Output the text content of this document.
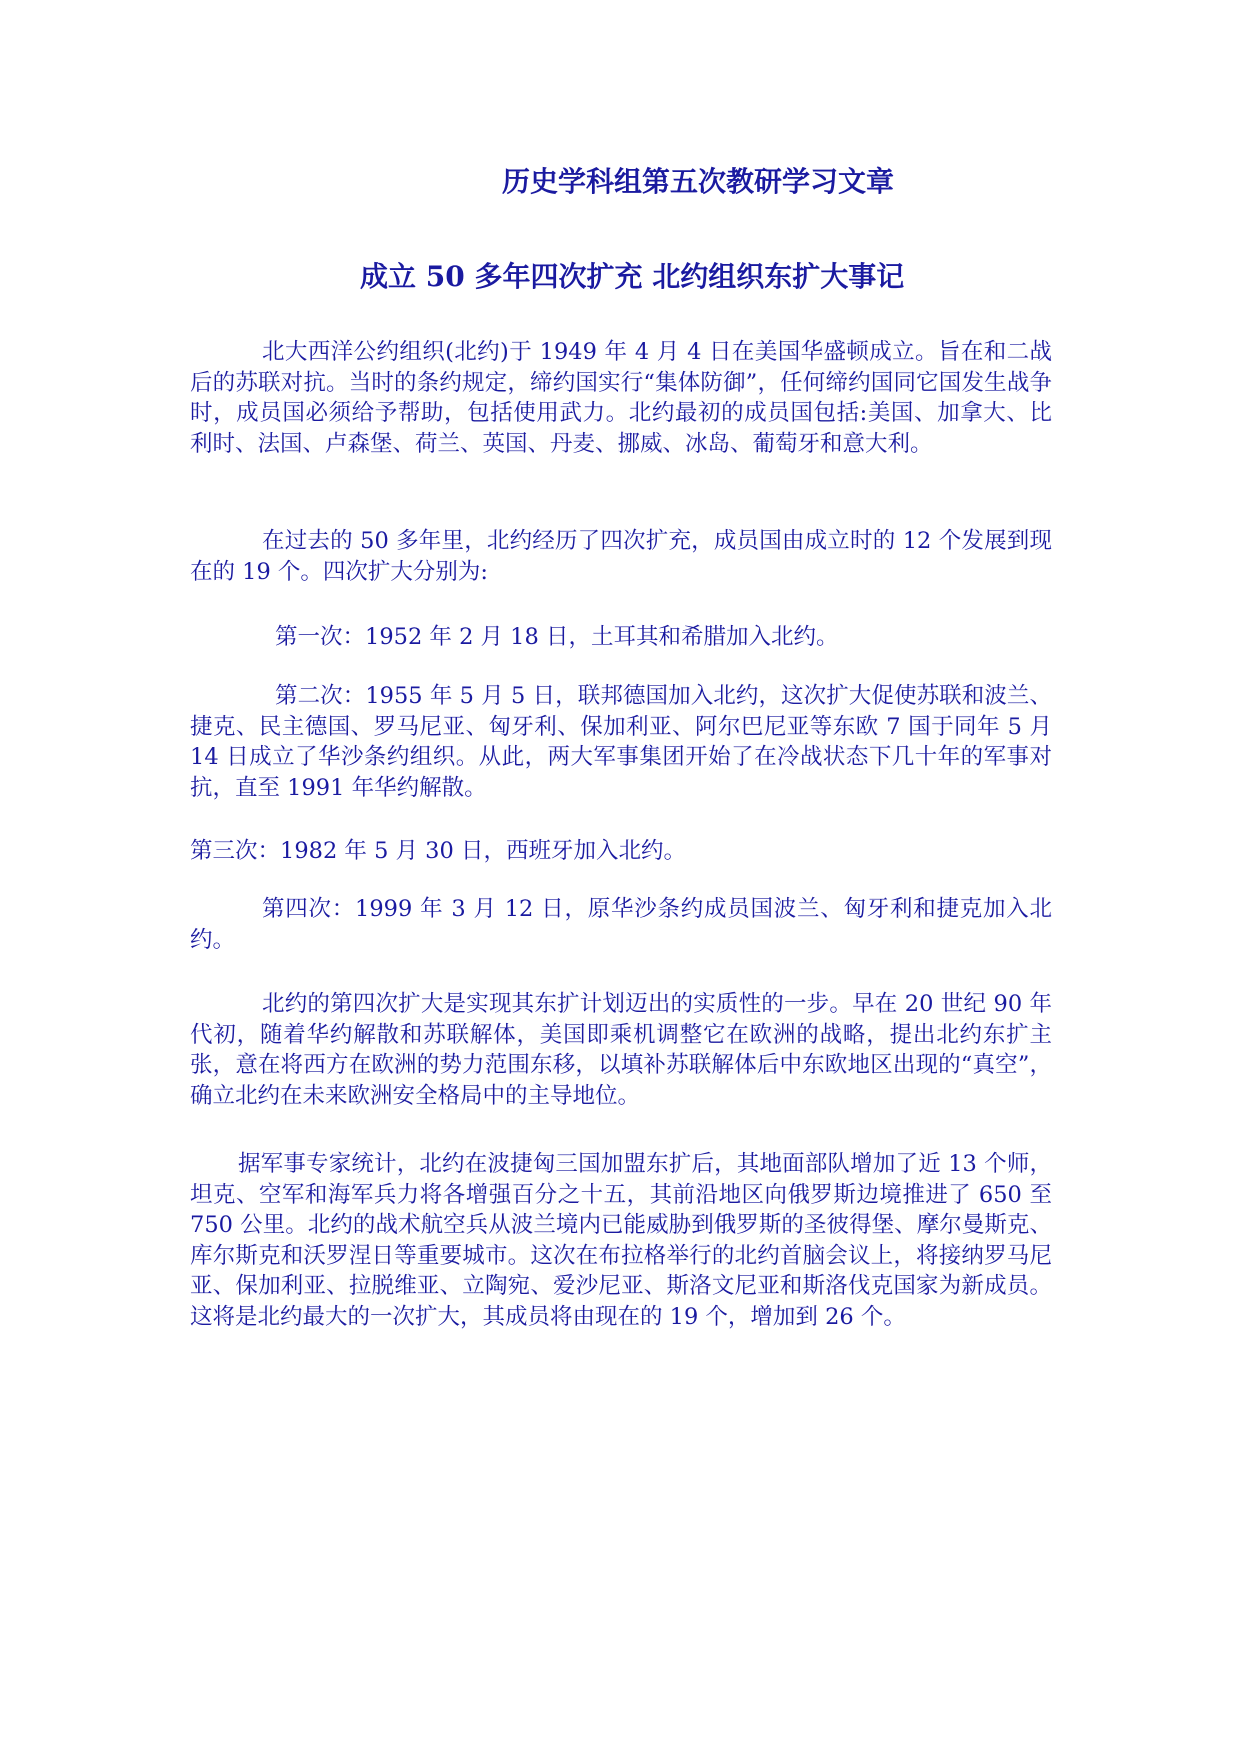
历史学科组第五次教研学习文章
成立 50 多年四次扩充 北约组织东扩大事记

北大西洋公约组织(北约)于 1949 年 4 月 4 日在美国华盛顿成立。旨在和二战后的苏联对抗。当时的条约规定，缔约国实行“集体防御”，任何缔约国同它国发生战争时，成员国必须给予帮助，包括使用武力。北约最初的成员国包括:美国、加拿大、比利时、法国、卢森堡、荷兰、英国、丹麦、挪威、冰岛、葡萄牙和意大利。

在过去的 50 多年里，北约经历了四次扩充，成员国由成立时的 12 个发展到现在的 19 个。四次扩大分别为:

第一次：1952 年 2 月 18 日，土耳其和希腊加入北约。

第二次：1955 年 5 月 5 日，联邦德国加入北约，这次扩大促使苏联和波兰、捷克、民主德国、罗马尼亚、匈牙利、保加利亚、阿尔巴尼亚等东欧 7 国于同年 5 月 14 日成立了华沙条约组织。从此，两大军事集团开始了在冷战状态下几十年的军事对抗，直至 1991 年华约解散。

第三次：1982 年 5 月 30 日，西班牙加入北约。

第四次：1999 年 3 月 12 日，原华沙条约成员国波兰、匈牙利和捷克加入北约。

北约的第四次扩大是实现其东扩计划迈出的实质性的一步。早在 20 世纪 90 年代初，随着华约解散和苏联解体，美国即乘机调整它在欧洲的战略，提出北约东扩主张，意在将西方在欧洲的势力范围东移，以填补苏联解体后中东欧地区出现的“真空”，确立北约在未来欧洲安全格局中的主导地位。

据军事专家统计，北约在波捷匈三国加盟东扩后，其地面部队增加了近 13 个师，坦克、空军和海军兵力将各增强百分之十五，其前沿地区向俄罗斯边境推进了 650 至 750 公里。北约的战术航空兵从波兰境内已能威胁到俄罗斯的圣彼得堡、摩尔曼斯克、库尔斯克和沃罗涅日等重要城市。这次在布拉格举行的北约首脑会议上，将接纳罗马尼亚、保加利亚、拉脱维亚、立陶宛、爱沙尼亚、斯洛文尼亚和斯洛伐克国家为新成员。这将是北约最大的一次扩大，其成员将由现在的 19 个，增加到 26 个。
